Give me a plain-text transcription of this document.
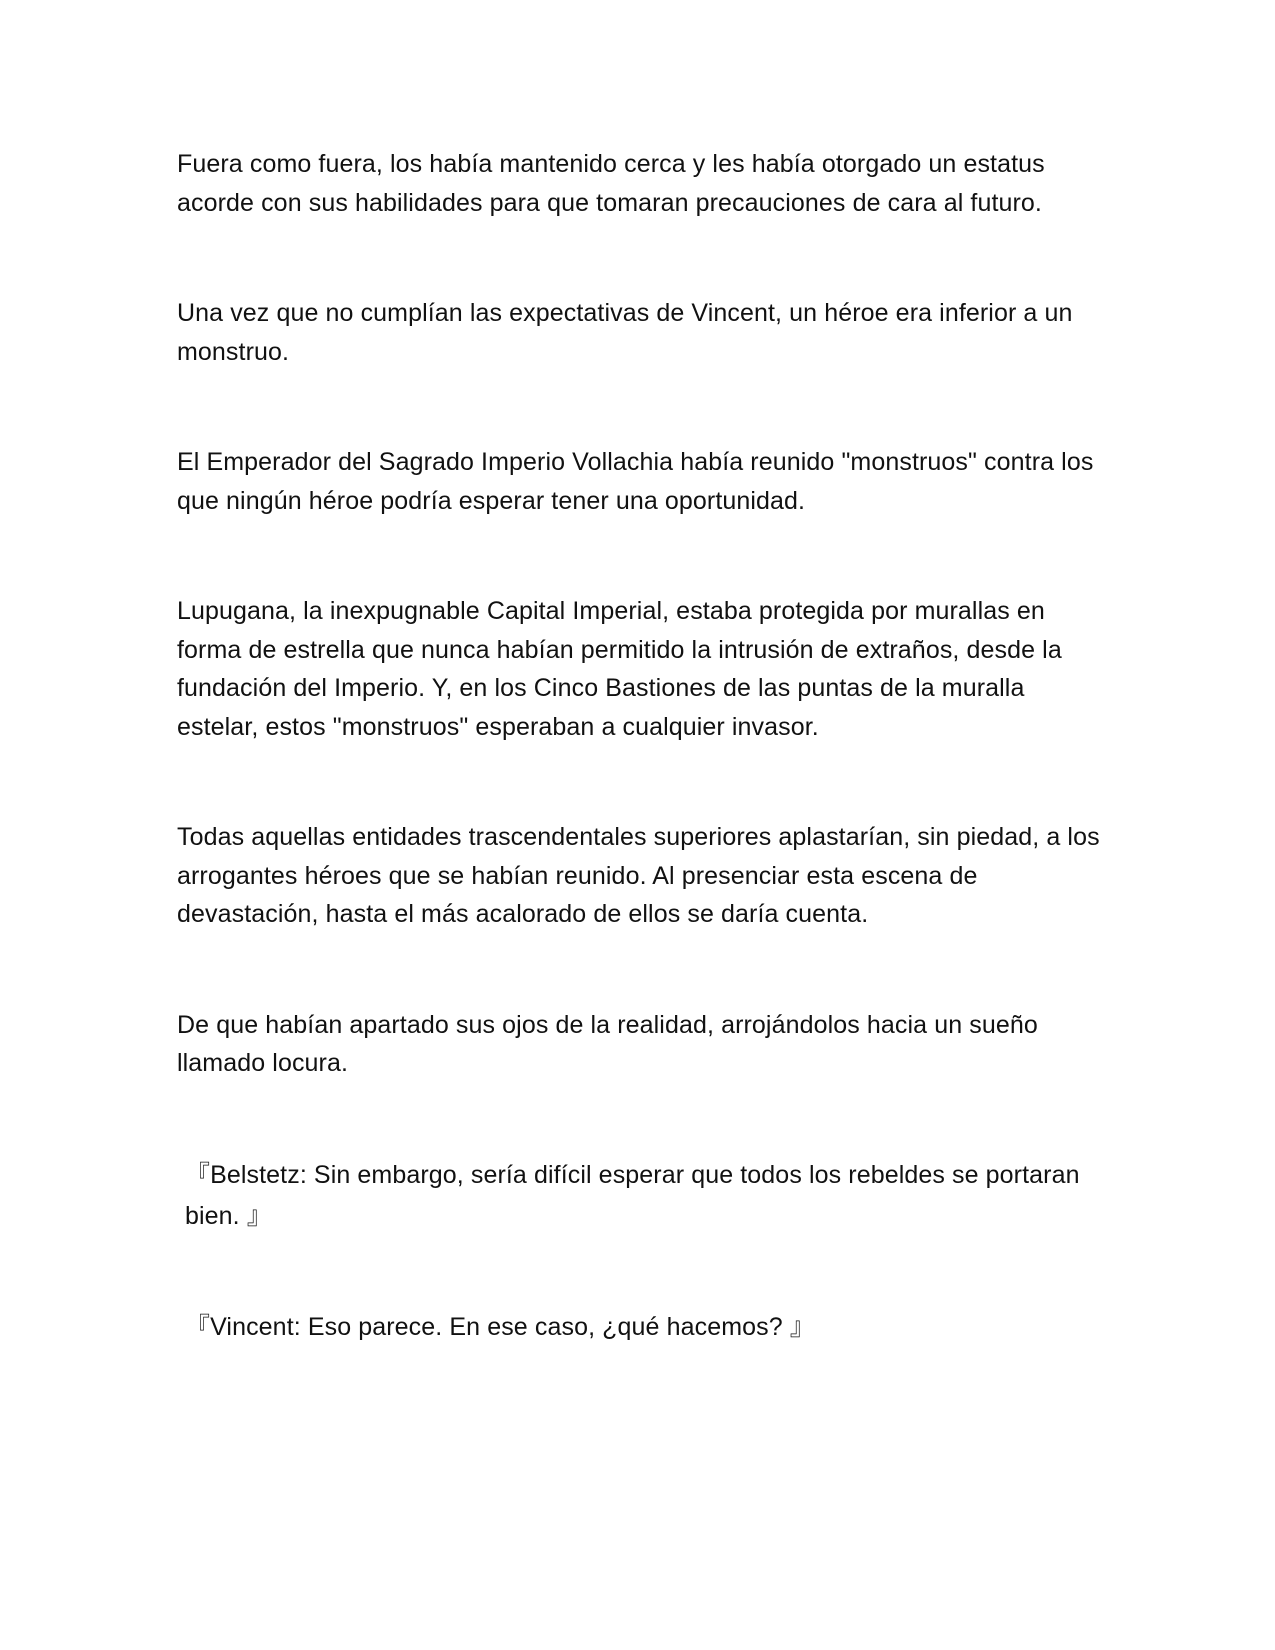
Fuera como fuera, los había mantenido cerca y les había otorgado un estatus acorde con sus habilidades para que tomaran precauciones de cara al futuro.

Una vez que no cumplían las expectativas de Vincent, un héroe era inferior a un monstruo.

El Emperador del Sagrado Imperio Vollachia había reunido "monstruos" contra los que ningún héroe podría esperar tener una oportunidad.

Lupugana, la inexpugnable Capital Imperial, estaba protegida por murallas en forma de estrella que nunca habían permitido la intrusión de extraños, desde la fundación del Imperio. Y, en los Cinco Bastiones de las puntas de la muralla estelar, estos "monstruos" esperaban a cualquier invasor.

Todas aquellas entidades trascendentales superiores aplastarían, sin piedad, a los arrogantes héroes que se habían reunido. Al presenciar esta escena de devastación, hasta el más acalorado de ellos se daría cuenta.

De que habían apartado sus ojos de la realidad, arrojándolos hacia un sueño llamado locura.

『Belstetz: Sin embargo, sería difícil esperar que todos los rebeldes se portaran bien. 』

『Vincent: Eso parece. En ese caso, ¿qué hacemos? 』
